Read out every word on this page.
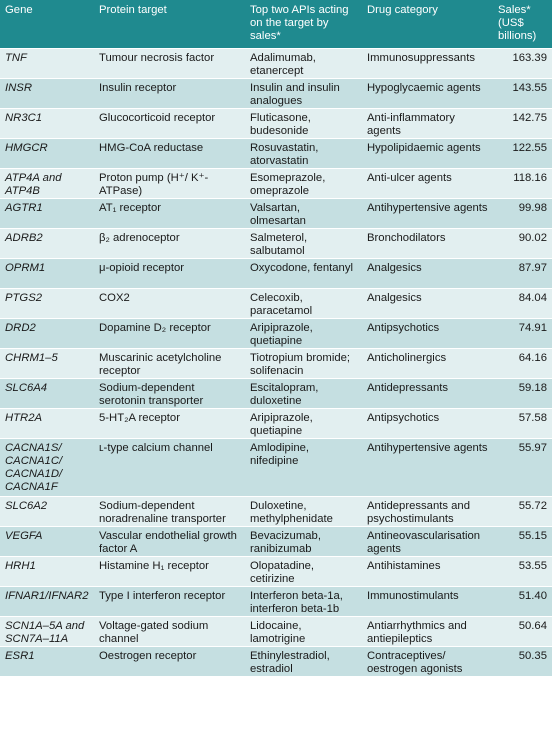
Gene	Protein target	Top two APIs acting on the target by sales*	Drug category	Sales* (US$ billions)
TNF	Tumour necrosis factor	Adalimumab, etanercept	Immunosuppressants	163.39
INSR	Insulin receptor	Insulin and insulin analogues	Hypoglycaemic agents	143.55
NR3C1	Glucocorticoid receptor	Fluticasone, budesonide	Anti-inflammatory agents	142.75
HMGCR	HMG-CoA reductase	Rosuvastatin, atorvastatin	Hypolipidaemic agents	122.55
ATP4A and ATP4B	Proton pump (H⁺/ K⁺-ATPase)	Esomeprazole, omeprazole	Anti-ulcer agents	118.16
AGTR1	AT₁ receptor	Valsartan, olmesartan	Antihypertensive agents	99.98
ADRB2	β₂ adrenoceptor	Salmeterol, salbutamol	Bronchodilators	90.02
OPRM1	μ-opioid receptor	Oxycodone, fentanyl	Analgesics	87.97
PTGS2	COX2	Celecoxib, paracetamol	Analgesics	84.04
DRD2	Dopamine D₂ receptor	Aripiprazole, quetiapine	Antipsychotics	74.91
CHRM1–5	Muscarinic acetylcholine receptor	Tiotropium bromide; solifenacin	Anticholinergics	64.16
SLC6A4	Sodium-dependent serotonin transporter	Escitalopram, duloxetine	Antidepressants	59.18
HTR2A	5-HT₂A receptor	Aripiprazole, quetiapine	Antipsychotics	57.58
CACNA1S/ CACNA1C/ CACNA1D/ CACNA1F	ʟ-type calcium channel	Amlodipine, nifedipine	Antihypertensive agents	55.97
SLC6A2	Sodium-dependent noradrenaline transporter	Duloxetine, methylphenidate	Antidepressants and psychostimulants	55.72
VEGFA	Vascular endothelial growth factor A	Bevacizumab, ranibizumab	Antineovascularisation agents	55.15
HRH1	Histamine H₁ receptor	Olopatadine, cetirizine	Antihistamines	53.55
IFNAR1/IFNAR2	Type I interferon receptor	Interferon beta-1a, interferon beta-1b	Immunostimulants	51.40
SCN1A–5A and SCN7A–11A	Voltage-gated sodium channel	Lidocaine, lamotrigine	Antiarrhythmics and antiepileptics	50.64
ESR1	Oestrogen receptor	Ethinylestradiol, estradiol	Contraceptives/ oestrogen agonists	50.35
